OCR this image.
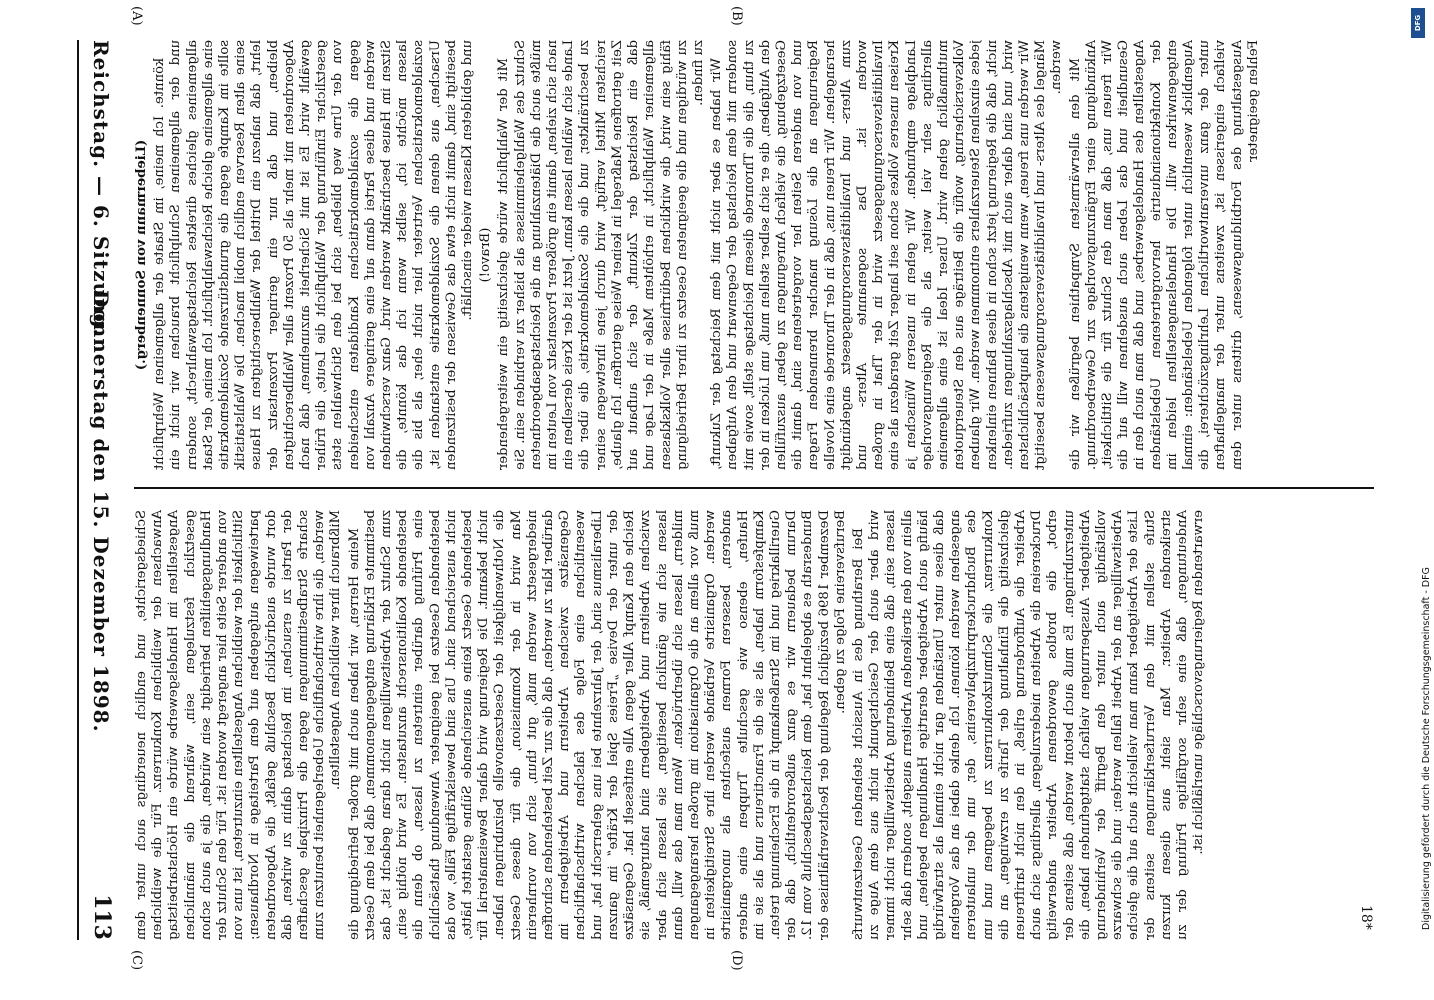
Reichstag. — 6. Sitzung.
Donnerstag den 15. Dezember 1898.
113

(Liebermann von Sonnenberg.) könnte. Ich meine, im Staate der allgemeinen Wehrpflicht und der allgemeinen Schulpflicht brauchen wir nicht ein allgemeines gleiches direktes Reichstagswahlrecht, sondern eine allgemeine gleiche Reichswahlpflicht. Ich meine, der Staat sollte im Kampfe gegen die grundstürzende Sozialdemokratie seine alten Reserven endlich mobil machen. Die Wahlstatistik lehrt, daß nahezu ein Drittel der Wahlberechtigten zu Hause bleiben, und daß nur ein geringer Prozentsatz der Abgeordneten mit mehr als 50 Prozent aller Wahlberechtigten gewählt wird. Es ist mit Sicherheit anzunehmen, daß nach gesetzlicher Einführung der Wahlpflicht die Leute, die früher von der Urne weg blieben, sich bei den Stichwahlen stets gegen die sozialdemokratischen Kandidaten entscheiden werden und diese Partei dann auf eine geringere Anzahl von Sitzen im Hause beschränkt werden wird. Ganz verschwinden lassen möchte ich, selbst wenn ich das könnte, die sozialdemokratischen Vertreter hier nicht eher, als bis die Ursachen, aus denen die Sozialdemokratie entstanden ist, beseitigt sind, damit nicht etwa das Gewissen der besitzenden und gebildeten Klassen wieder einschläft. (Bravo!) Mit der Wahlpflicht würde gleichzeitig ein weitergehender Schutz des Wahlgeheimnisses als bisher zu verbinden sein. Sie müßte auch die Diätenzahlung an die Reichstagsabgeordneten nach sich ziehen, damit ein größerer Prozentsatz von Leuten im Lande sich wählen lassen kann. Jetzt ist der Kreis derselben ein zu beschränkter, und die die Sozialdemokratie, die über die reichsten Mittel verfügt, wird durch jene ihretwegen seiner Zeit getroffene Maßregel in keiner Weise getroffen. Ich glaube, daß ein Reichstag der Zukunft, der sich aufbaut auf allgemeiner Wahlpflicht, in erhöhtem Maße in der Lage und fähig sein wird, die wirklichen Bedürfnisse aller Volksklassen zu würdigen und die geeigneten Gesetze zu ihrer Befriedigung zu finden. Wir haben es aber nicht mit dem Reichstag der Zukunft, sondern mit dem Reichstag der Gegenwart und den Aufgaben zu thun, die die Thronrede diesem Reichstage stellt, sowie mit den Aufgaben, die er sich selber stellen muß, um Lücken in der Gesetzgebung, die vielfach Anregungen zu geben, auszufüllen und von anderen Seiten her vorgetretenen sind, damit die Regierungen an die Lösung mancher brennenden Fragen herangehen. Wir freuen uns, daß in der Thronrede eine Novelle zum Alters- und Invaliditätsversorgungsgesetz angekündigt worden ist. Das sogenannte Alters- und Invaliditätsversorgungsgesetz wird in der That in großen Kreisen unseres Volkes schon seit langer Zeit geradezu als eine Landplage empfunden. Wir gehen in unseren Wünschen ja allerdings sehr viel weiter, als die Regierungsvorlage muthmaßlich gehen wird. Unser Ideal ist eine allgemeine Volksversicherung, wofür die Beiträge aus den Steuerquoten jedes einzelnen Steuerzahlers entnommen werden. Wir glauben nicht, daß die Regierung jetzt schon in diese Bahnen einlenken wird, und sind daher auch mit Abschlagszahlungen zufrieden. Wir werden uns freuen, wenn wenigstens die hauptsächlichsten Mängel des Alters- und Invaliditätsversorgungswesens beseitigt werden. Mit den allerwärmsten Sympathien begrüßen wir die Ankündigung einer Ergänzungsvorlage zur Gewerbeordnung. Wir freuen uns, daß man den Schutz für die Sittlichkeit, Gesundheit und das Leben auch ausdehnen will auf die Angestellten des Handelsgewerbes, und daß man auch den in der Konfektionsindustrie hervorgetretenen Uebelständen entgegenwirken will. Die Handelsangestellten leiden im Augenblick wesentlich unter folgenden Uebelständen: einmal unter der ganz unverantwortlichen Lehrlingszüchterei, die vielfach eingerissen ist, zweitens unter der mangelhaften Ausgestaltung des Fortbildungswesens, drittens unter dem Fehlen geeigneter

Schiedsgerichte, und endlich neuerdings auch unter dem Anwachsen der weiblichen Konkurrenz. Für die weiblichen Angestellten im Handelsgewerbe würde ein Höchstarbeitstag gesetzlich festzulegen sein, während die männlichen Handlungsgehilfen befriedigt sein würden, die ja auch schon von anderer Seite hier angeregt worden ist. Für den Schutz der Sittlichkeit der weiblichen Angestellten einzutreten, ist uns von parteiwegen aufgegeben auf dem Parteitage in Nordhausen; dort wurde ausdrücklich Beschluß gefaßt, die Abgeordneten der Partei zu ersuchen, im Reichstag dahin zu wirken, daß scharfe Strafbestimmungen gegen die Prinzipale geschaffen werden, die ihre wirthschaftliche Ueberlegenheit benutzen zum Mißbrauch ihrer weiblichen Angestellten. Meine Herren, wir haben auch mit großer Befriedigung die bestimmte Erklärung entgegengenommen, daß bei dem Gesetz zum Schutz der Arbeitswilligen nicht daran gedacht ist, das bestehende Koalitionsrecht anzutasten. Es wird nöthig sein, eine Prüfung darüber eintreten zu lassen, ob denn die bestehenden Gesetze bei geeigneter Anwendung thatsächlich nicht ausreichend sind. Uns sind beweiskräftige Fälle, wo das bestehende Gesetz keine ausreichende Sühne gestattet hätte, nicht bekannt. Die Regierung wird daher Beweismaterial für die Nothwendigkeit der Gesetzesnovelle beizubringen haben. Man wird in der Kommission, die für dieses Gesetz niedergesetzt werden muß, gut thun, sich von vornherein darüber klar zu werden, daß die zur Zeit bestehenden schroffen Gegensätze zwischen Arbeitern und Arbeitgebern im wesentlichen eine Folge des falschen wirthschaftlichen Liberalismus sind, der Jahrzehnte bei uns geherrscht hat, und der unter der Devise „Freies Spiel der Kräfte“ im ganzen Reiche den Kampf Aller gegen Alle entfesselt hat. Gegensätze zwischen Arbeitern und Arbeitgebern sind naturgemäß, sie lassen sich nie gänzlich beseitigen, sie lassen sich aber mildern, lassen sich überbrücken. Wenn man das will, dann muß vor allem an die Organisation im großen herangegangen werden. Organisirte Verbände werden ihre Streitigkeiten in anderen, besseren Formen ausfechten als unorganisirte Haufen, ebenso wie geschulte Truppen eine andere Kampfesform haben, als sie die Franctireurs und als sie im Guerillakrieg und im Straßenkampf in die Erscheinung treten. Darum bedauern wir es ganz außerordentlich, daß der Bundesrath es abgelehnt hat, dem Reichstagsbeschluß vom 12. Dezember 1896 bezüglich Regelung der Rechtsverhältnisse der Berufsvereine Folge zu geben. Bei Berathung des in Aussicht stehenden Gesetzentwurfs wird aber auch der Gesichtspunkt nicht aus dem Auge zu lassen sein, daß eine Behinderung Arbeitswilliger nicht immer allein von den streikenden Arbeitern ausgeht, sondern daß sehr häufig auch Arbeitgeber derartige Handlungen begehen, und daß diese unter Umständen gar nicht einmal als strafwürdig angesehen werden können. Ich denke dabei an das Vorgehen des Buchdruckerprinzipalvereins, der, um der unlauteren Konkurrenz, die Schmutzkonkurrenz zu begegnen und um gleichzeitig die Einhaltung der Tarife zu erzwingen, an die Arbeiter die Aufforderung erließ, in den nicht tariftreuen Druckereien die Arbeiten niederzulegen, allerdings sich auch erbot, die brotlos gewordenen Arbeiter anderweitig unterzubringen. Es muß auch betont werden, daß seitens der Arbeitgeber Aussperrungen vielfach stattgefunden haben, die vollständig auch unter den Begriff der Verhinderung Arbeitswilliger an der Arbeit fallen werden; und die schwarze Liste der Arbeitgeber kann man vielleicht auch auf die gleiche Stufe stellen mit den Verrufserklärungen seitens der streikenden Arbeiter. Man sieht aus diesen kurzen Andeutungen, daß eine sehr sorgfältige Prüfung der zu erwartenden Regierungsvorschläge unerläßlich ist.

(A)	(B)
(C)	(D)
18*
DFG
Digitalisierung gefördert durch die Deutsche Forschungsgemeinschaft - DFG
